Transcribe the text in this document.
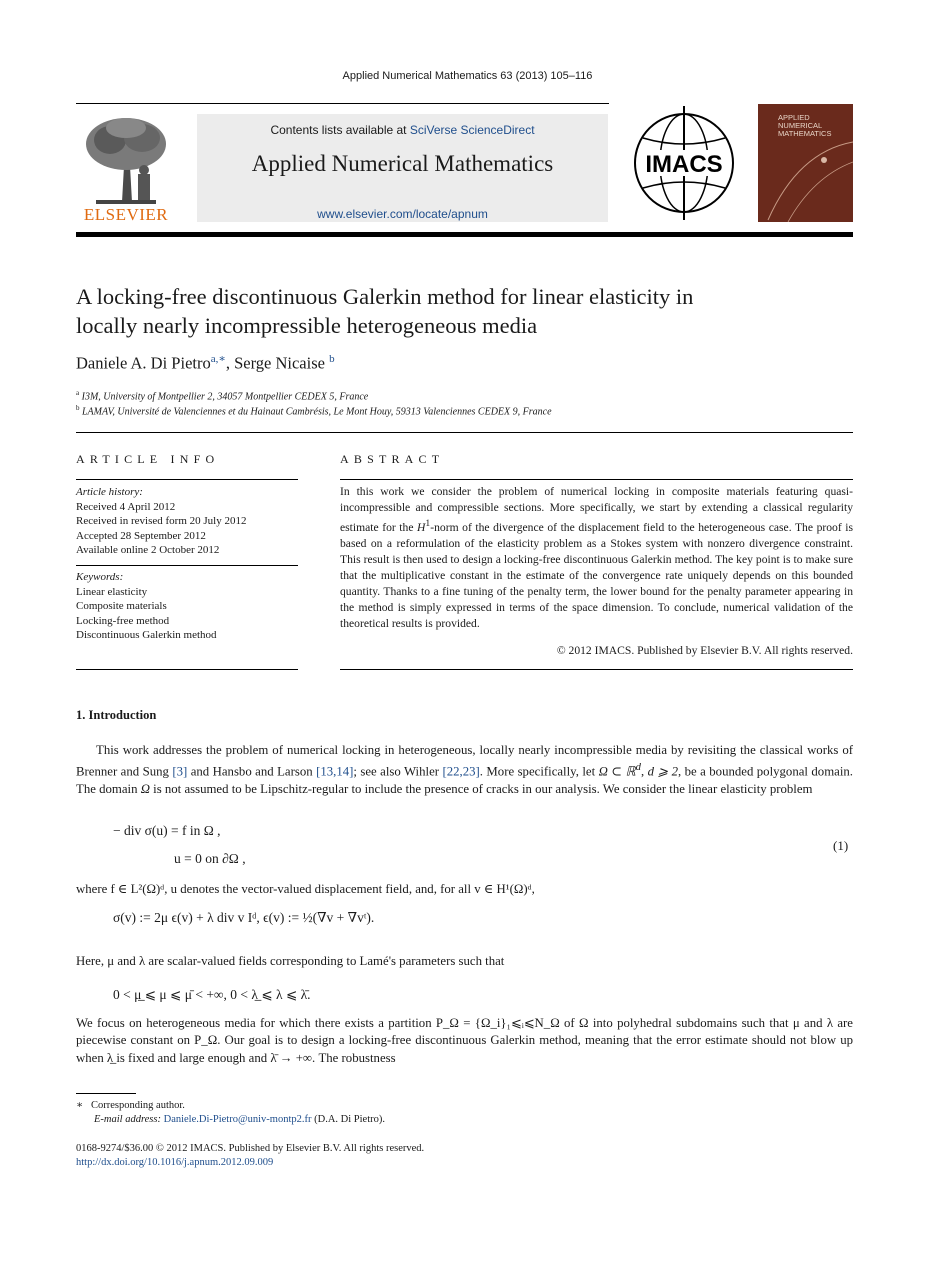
Applied Numerical Mathematics 63 (2013) 105–116
ELSEVIER
Contents lists available at SciVerse ScienceDirect
Applied Numerical Mathematics
www.elsevier.com/locate/apnum
IMACS
APPLIED NUMERICAL MATHEMATICS
A locking-free discontinuous Galerkin method for linear elasticity in
locally nearly incompressible heterogeneous media
Daniele A. Di Pietro$^{a,∗}$, Serge Nicaise $^b$
$^a$ I3M, University of Montpellier 2, 34057 Montpellier CEDEX 5, France
$^b$ LAMAV, Université de Valenciennes et du Hainaut Cambrésis, Le Mont Houy, 59313 Valenciennes CEDEX 9, France
ARTICLE INFO
Article history:
Received 4 April 2012
Received in revised form 20 July 2012
Accepted 28 September 2012
Available online 2 October 2012
Keywords:
Linear elasticity
Composite materials
Locking-free method
Discontinuous Galerkin method
ABSTRACT
In this work we consider the problem of numerical locking in composite materials featuring quasi-incompressible and compressible sections. More specifically, we start by extending a classical regularity estimate for the $H^1$-norm of the divergence of the displacement field to the heterogeneous case. The proof is based on a reformulation of the elasticity problem as a Stokes system with nonzero divergence constraint. This result is then used to design a locking-free discontinuous Galerkin method. The key point is to make sure that the multiplicative constant in the estimate of the convergence rate uniquely depends on this bounded quantity. Thanks to a fine tuning of the penalty term, the lower bound for the penalty parameter appearing in the method is simply expressed in terms of the space dimension. To conclude, numerical validation of the theoretical results is provided.
© 2012 IMACS. Published by Elsevier B.V. All rights reserved.
1. Introduction
This work addresses the problem of numerical locking in heterogeneous, locally nearly incompressible media by revisiting the classical works of Brenner and Sung [3] and Hansbo and Larson [13,14]; see also Wihler [22,23]. More specifically, let Ω ⊂ ℝ$^d$, d ⩾ 2, be a bounded polygonal domain. The domain Ω is not assumed to be Lipschitz-regular to include the presence of cracks in our analysis. We consider the linear elasticity problem
− div σ(u) = f in Ω ,
u = 0 on ∂Ω ,
(1)
where f ∈ L²(Ω)ᵈ, u denotes the vector-valued displacement field, and, for all v ∈ H¹(Ω)ᵈ,
σ(v) := 2μ ϵ(v) + λ div v Iᵈ, ϵ(v) := ½(∇v + ∇vᵗ).
Here, μ and λ are scalar-valued fields corresponding to Lamé's parameters such that
0 < μ̲ ⩽ μ ⩽ μ̄ < +∞, 0 < λ̲ ⩽ λ ⩽ λ̄.
We focus on heterogeneous media for which there exists a partition P_Ω = {Ω_i}₁⩽ᵢ⩽N_Ω of Ω into polyhedral subdomains such that μ and λ are piecewise constant on P_Ω. Our goal is to design a locking-free discontinuous Galerkin method, meaning that the error estimate should not blow up when λ̲ is fixed and large enough and λ̄ → +∞. The robustness
∗ Corresponding author.
E-mail address: Daniele.Di-Pietro@univ-montp2.fr (D.A. Di Pietro).
0168-9274/$36.00 © 2012 IMACS. Published by Elsevier B.V. All rights reserved.
http://dx.doi.org/10.1016/j.apnum.2012.09.009
